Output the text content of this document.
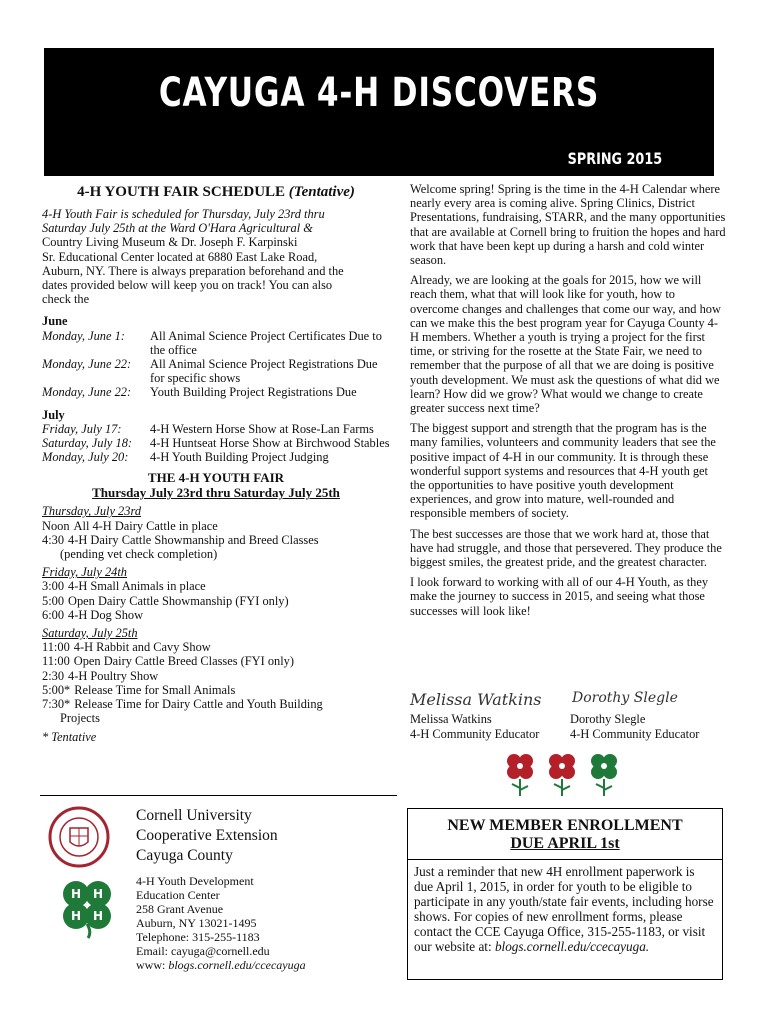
CAYUGA 4-H DISCOVERS
SPRING 2015
4-H YOUTH FAIR SCHEDULE (Tentative)
4-H Youth Fair is scheduled for Thursday, July 23rd thru
Saturday July 25th at the Ward O'Hara Agricultural &
Country Living Museum & Dr. Joseph F. Karpinski
Sr. Educational Center located at 6880 East Lake Road,
Auburn, NY. There is always preparation beforehand and the
dates provided below will keep you on track! You can also
check the
June
Monday, June 1:	All Animal Science Project Certificates Due to the office
Monday, June 22:	All Animal Science Project Registrations Due for specific shows
Monday, June 22:	Youth Building Project Registrations Due
July
Friday, July 17:	4-H Western Horse Show at Rose-Lan Farms
Saturday, July 18:	4-H Huntseat Horse Show at Birchwood Stables
Monday, July 20:	4-H Youth Building Project Judging
THE 4-H YOUTH FAIR
Thursday July 23rd thru Saturday July 25th
Thursday, July 23rd
Noon All 4-H Dairy Cattle in place
4:30 4-H Dairy Cattle Showmanship and Breed Classes
(pending vet check completion)
Friday, July 24th
3:00 4-H Small Animals in place
5:00 Open Dairy Cattle Showmanship (FYI only)
6:00 4-H Dog Show
Saturday, July 25th
11:00 4-H Rabbit and Cavy Show
11:00 Open Dairy Cattle Breed Classes (FYI only)
2:30 4-H Poultry Show
5:00* Release Time for Small Animals
7:30* Release Time for Dairy Cattle and Youth Building
Projects
* Tentative

Welcome spring! Spring is the time in the 4-H Calendar where nearly every area is coming alive. Spring Clinics, District Presentations, fundraising, STARR, and the many opportunities that are available at Cornell bring to fruition the hopes and hard work that have been kept up during a harsh and cold winter season.

Already, we are looking at the goals for 2015, how we will reach them, what that will look like for youth, how to overcome changes and challenges that come our way, and how can we make this the best program year for Cayuga County 4-H members. Whether a youth is trying a project for the first time, or striving for the rosette at the State Fair, we need to remember that the purpose of all that we are doing is positive youth development. We must ask the questions of what did we learn? How did we grow? What would we change to create greater success next time?

The biggest support and strength that the program has is the many families, volunteers and community leaders that see the positive impact of 4-H in our community. It is through these wonderful support systems and resources that 4-H youth get the opportunities to have positive youth development experiences, and grow into mature, well-rounded and responsible members of society.

The best successes are those that we work hard at, those that have had struggle, and those that persevered. They produce the biggest smiles, the greatest pride, and the greatest character.

I look forward to working with all of our 4-H Youth, as they make the journey to success in 2015, and seeing what those successes will look like!

Melissa Watkins Dorothy Slegle
Melissa Watkins	Dorothy Slegle
4-H Community Educator	4-H Community Educator
H H
H H
Cornell University
Cooperative Extension
Cayuga County
4-H Youth Development
Education Center
258 Grant Avenue
Auburn, NY 13021-1495
Telephone: 315-255-1183
Email: cayuga@cornell.edu
www: blogs.cornell.edu/ccecayuga
NEW MEMBER ENROLLMENT
DUE APRIL 1st
Just a reminder that new 4H enrollment paperwork is due April 1, 2015, in order for youth to be eligible to participate in any youth/state fair events, including horse shows. For copies of new enrollment forms, please contact the CCE Cayuga Office, 315-255-1183, or visit our website at: blogs.cornell.edu/ccecayuga.
